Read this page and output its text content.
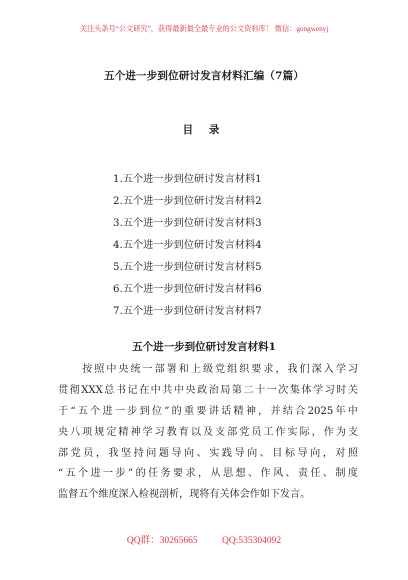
关注头条号“公文研究”，获得最新最全最专业的公文资料库！ 微信：gongwenyj
五个进一步到位研讨发言材料汇编（7篇）
目 录
1.五个进一步到位研讨发言材料1
2.五个进一步到位研讨发言材料2
3.五个进一步到位研讨发言材料3
4.五个进一步到位研讨发言材料4
5.五个进一步到位研讨发言材料5
6.五个进一步到位研讨发言材料6
7.五个进一步到位研讨发言材料7
五个进一步到位研讨发言材料1
　　按照中央统一部署和上级党组织要求，我们深入学习
贯彻XXX总书记在中共中央政治局第二十一次集体学习时关
于“五个进一步到位”的重要讲话精神，并结合2025年中
央八项规定精神学习教育以及支部党员工作实际，作为支
部党员，我坚持问题导向、实践导向、目标导向，对照
“五个进一步”的任务要求，从思想、作风、责任、制度
监督五个维度深入检视剖析，现将有关体会作如下发言。
QQ群：30265665	QQ:535304092
